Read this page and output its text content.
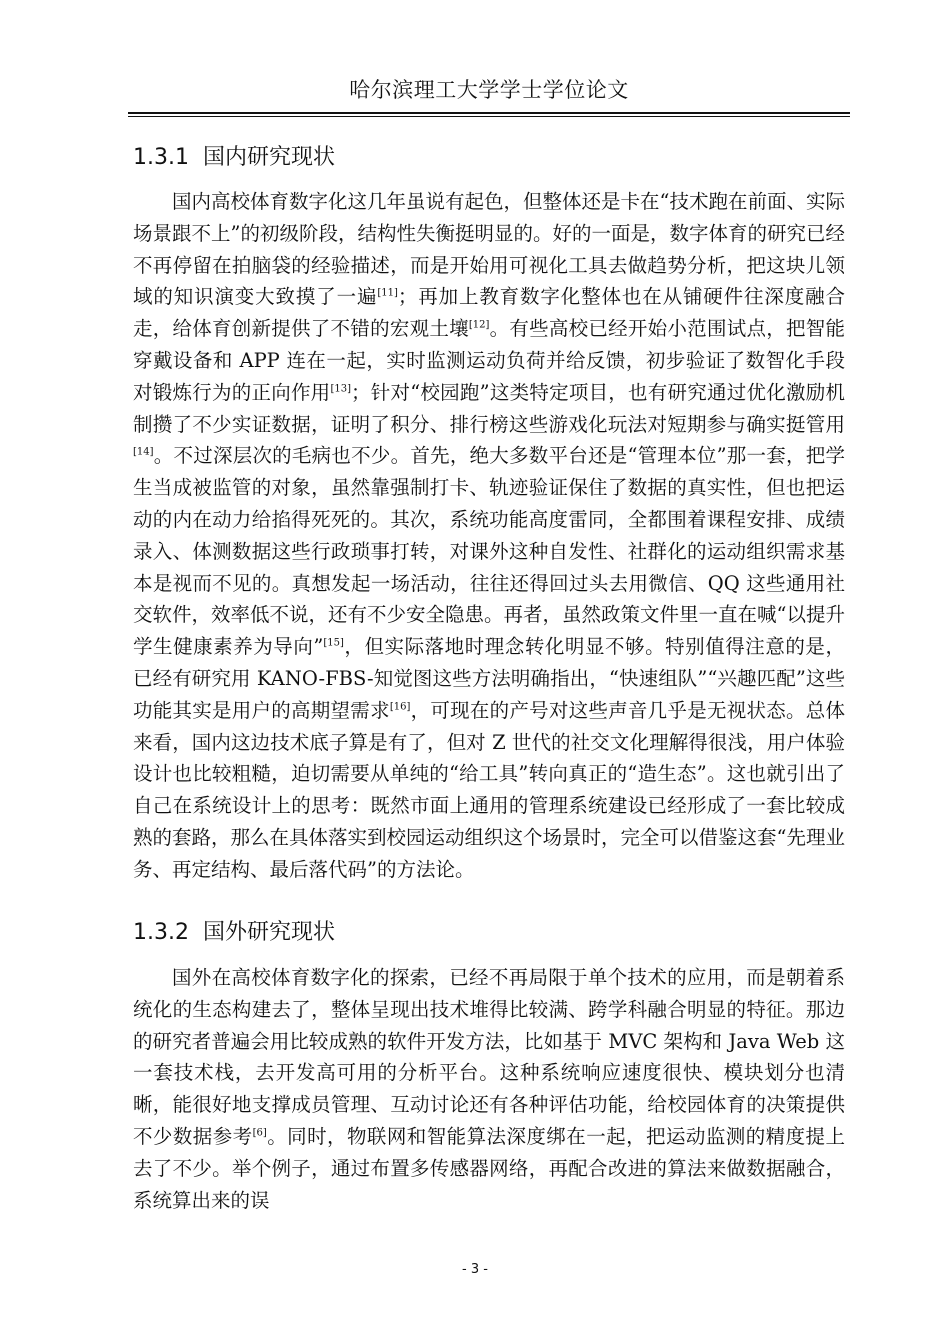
哈尔滨理工大学学士学位论文
1.3.1 国内研究现状
国内高校体育数字化这几年虽说有起色，但整体还是卡在“技术跑在前面、实际场景跟不上”的初级阶段，结构性失衡挺明显的。好的一面是，数字体育的研究已经不再停留在拍脑袋的经验描述，而是开始用可视化工具去做趋势分析，把这块儿领域的知识演变大致摸了一遍[11]；再加上教育数字化整体也在从铺硬件往深度融合走，给体育创新提供了不错的宏观土壤[12]。有些高校已经开始小范围试点，把智能穿戴设备和 APP 连在一起，实时监测运动负荷并给反馈，初步验证了数智化手段对锻炼行为的正向作用[13]；针对“校园跑”这类特定项目，也有研究通过优化激励机制攒了不少实证数据，证明了积分、排行榜这些游戏化玩法对短期参与确实挺管用[14]。不过深层次的毛病也不少。首先，绝大多数平台还是“管理本位”那一套，把学生当成被监管的对象，虽然靠强制打卡、轨迹验证保住了数据的真实性，但也把运动的内在动力给掐得死死的。其次，系统功能高度雷同，全都围着课程安排、成绩录入、体测数据这些行政琐事打转，对课外这种自发性、社群化的运动组织需求基本是视而不见的。真想发起一场活动，往往还得回过头去用微信、QQ 这些通用社交软件，效率低不说，还有不少安全隐患。再者，虽然政策文件里一直在喊“以提升学生健康素养为导向”[15]，但实际落地时理念转化明显不够。特别值得注意的是，已经有研究用 KANO-FBS-知觉图这些方法明确指出，“快速组队”“兴趣匹配”这些功能其实是用户的高期望需求[16]，可现在的产号对这些声音几乎是无视状态。总体来看，国内这边技术底子算是有了，但对 Z 世代的社交文化理解得很浅，用户体验设计也比较粗糙，迫切需要从单纯的“给工具”转向真正的“造生态”。这也就引出了自己在系统设计上的思考：既然市面上通用的管理系统建设已经形成了一套比较成熟的套路，那么在具体落实到校园运动组织这个场景时，完全可以借鉴这套“先理业务、再定结构、最后落代码”的方法论。
1.3.2 国外研究现状
国外在高校体育数字化的探索，已经不再局限于单个技术的应用，而是朝着系统化的生态构建去了，整体呈现出技术堆得比较满、跨学科融合明显的特征。那边的研究者普遍会用比较成熟的软件开发方法，比如基于 MVC 架构和 Java Web 这一套技术栈，去开发高可用的分析平台。这种系统响应速度很快、模块划分也清晰，能很好地支撑成员管理、互动讨论还有各种评估功能，给校园体育的决策提供不少数据参考[6]。同时，物联网和智能算法深度绑在一起，把运动监测的精度提上去了不少。举个例子，通过布置多传感器网络，再配合改进的算法来做数据融合，系统算出来的误
- 3 -
